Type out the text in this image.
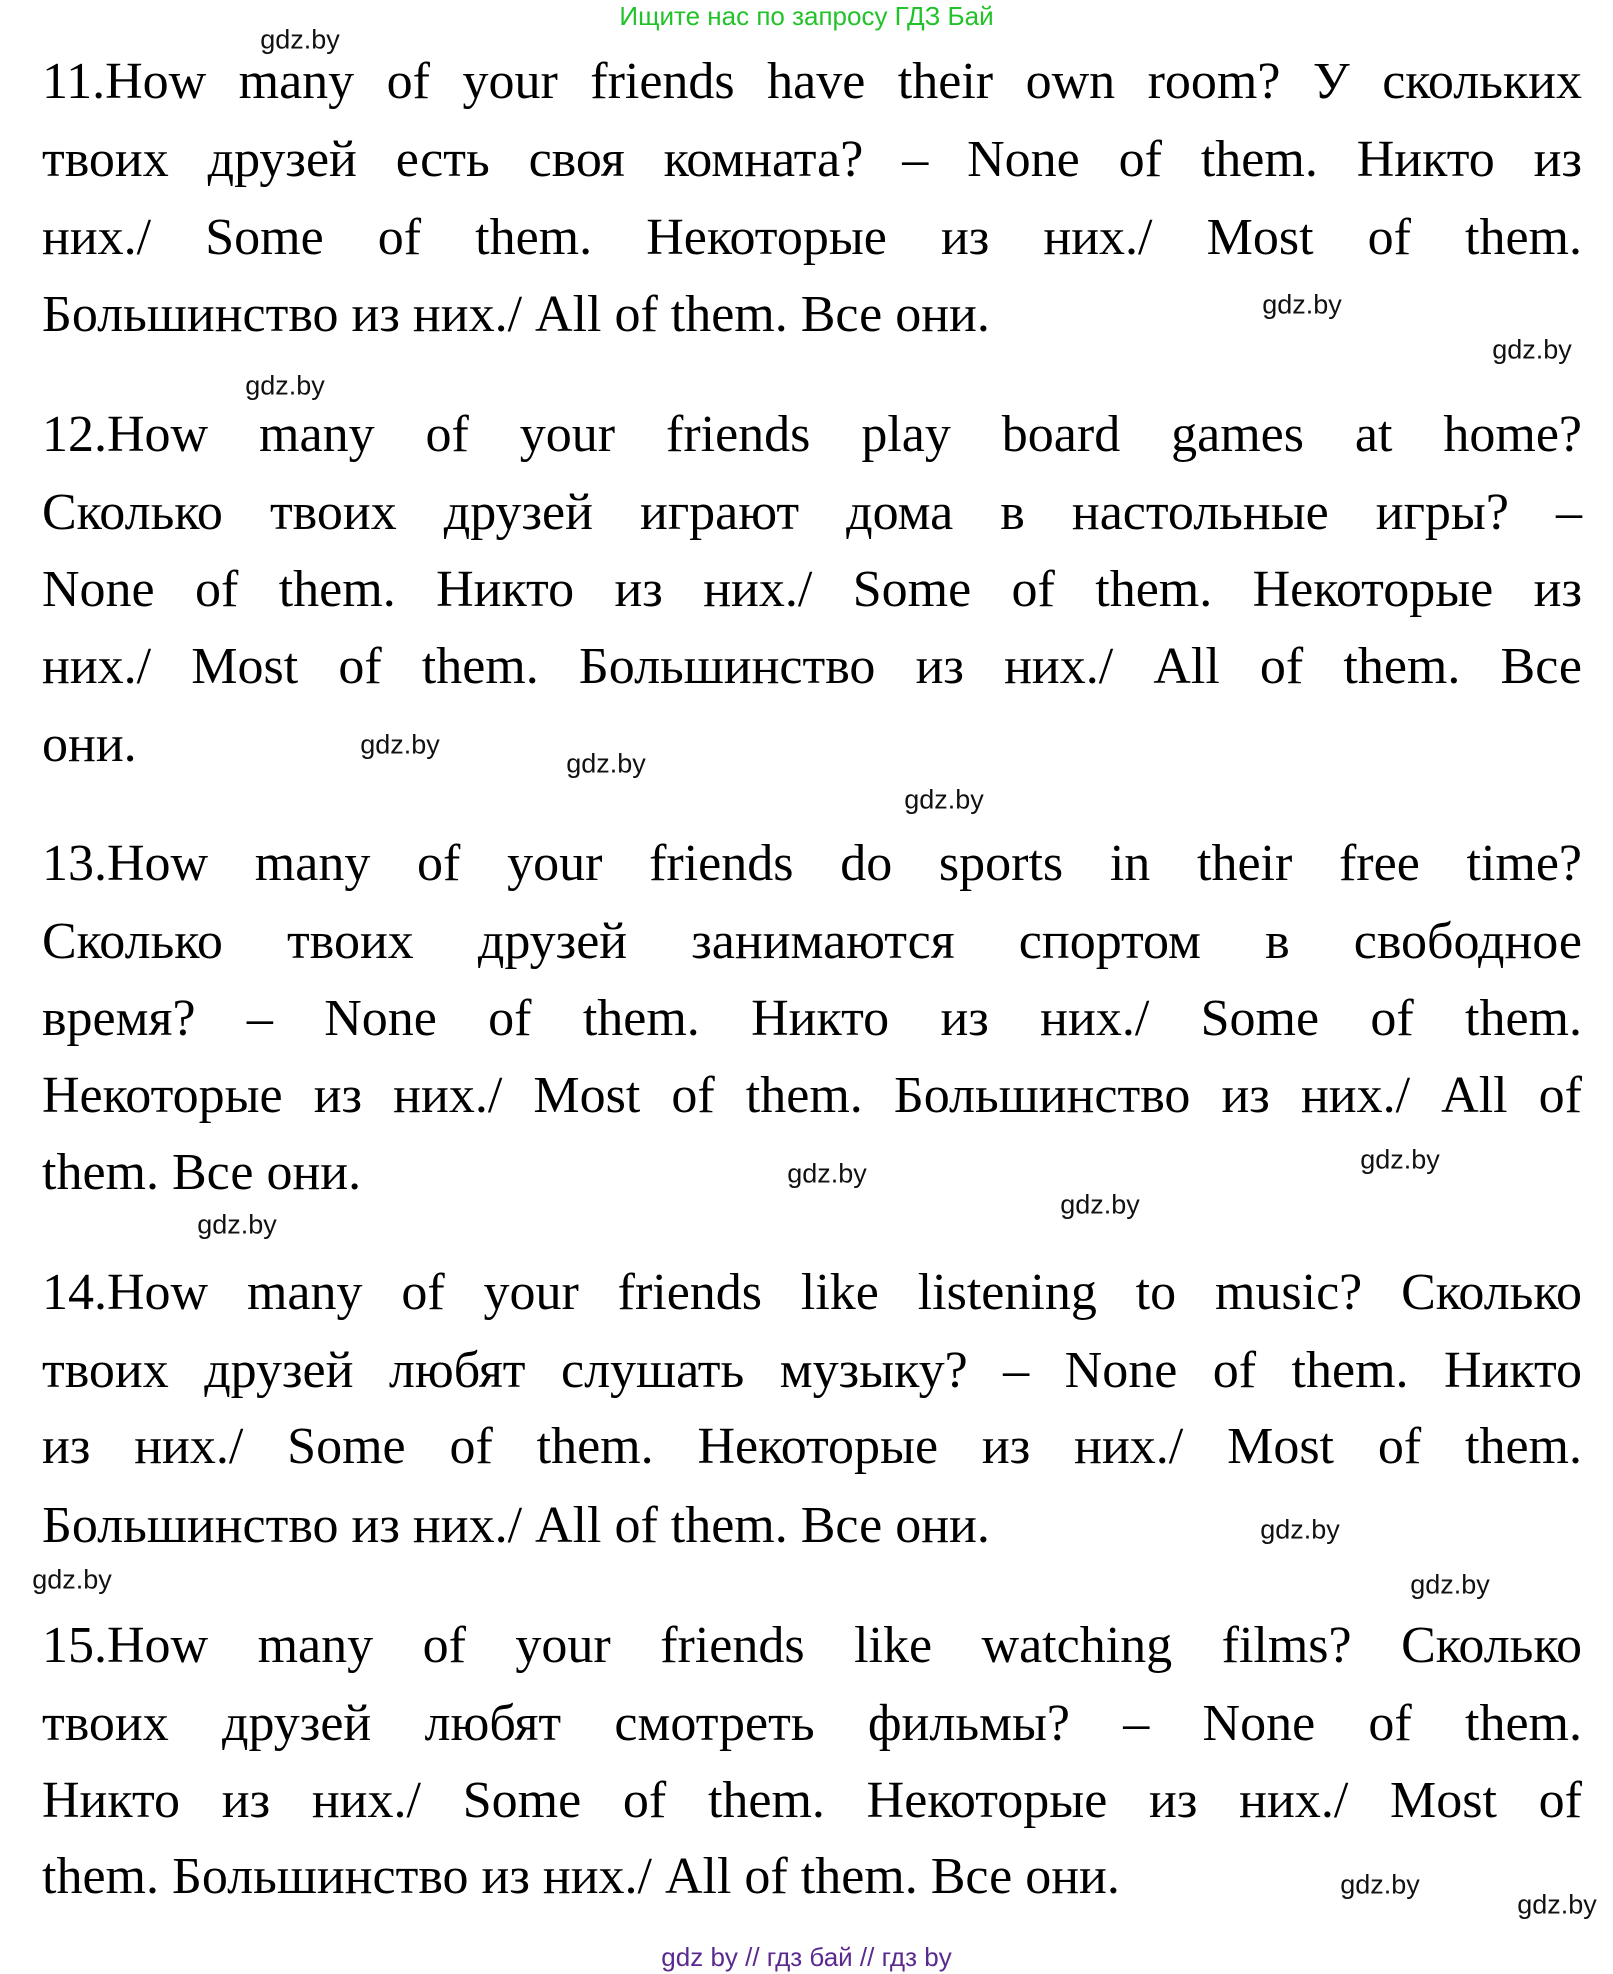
Ищите нас по запросу ГДЗ Бай
11.How many of your friends have their own room? У скольких
твоих друзей есть своя комната? – None of them. Никто из
них./ Some of them. Некоторые из них./ Most of them.
Большинство из них./ All of them. Все они.
12.How many of your friends play board games at home?
Сколько твоих друзей играют дома в настольные игры? –
None of them. Никто из них./ Some of them. Некоторые из
них./ Most of them. Большинство из них./ All of them. Все
они.
13.How many of your friends do sports in their free time?
Сколько твоих друзей занимаются спортом в свободное
время? – None of them. Никто из них./ Some of them.
Некоторые из них./ Most of them. Большинство из них./ All of
them. Все они.
14.How many of your friends like listening to music? Сколько
твоих друзей любят слушать музыку? – None of them. Никто
из них./ Some of them. Некоторые из них./ Most of them.
Большинство из них./ All of them. Все они.
15.How many of your friends like watching films? Сколько
твоих друзей любят смотреть фильмы? – None of them.
Никто из них./ Some of them. Некоторые из них./ Most of
them. Большинство из них./ All of them. Все они.
gdz.by
gdz.by
gdz.by
gdz.by
gdz.by
gdz.by
gdz.by
gdz.by
gdz.by
gdz.by
gdz.by
gdz.by
gdz.by	gdz.by
gdz.by
gdz.by
gdz by // гдз бай // гдз by
